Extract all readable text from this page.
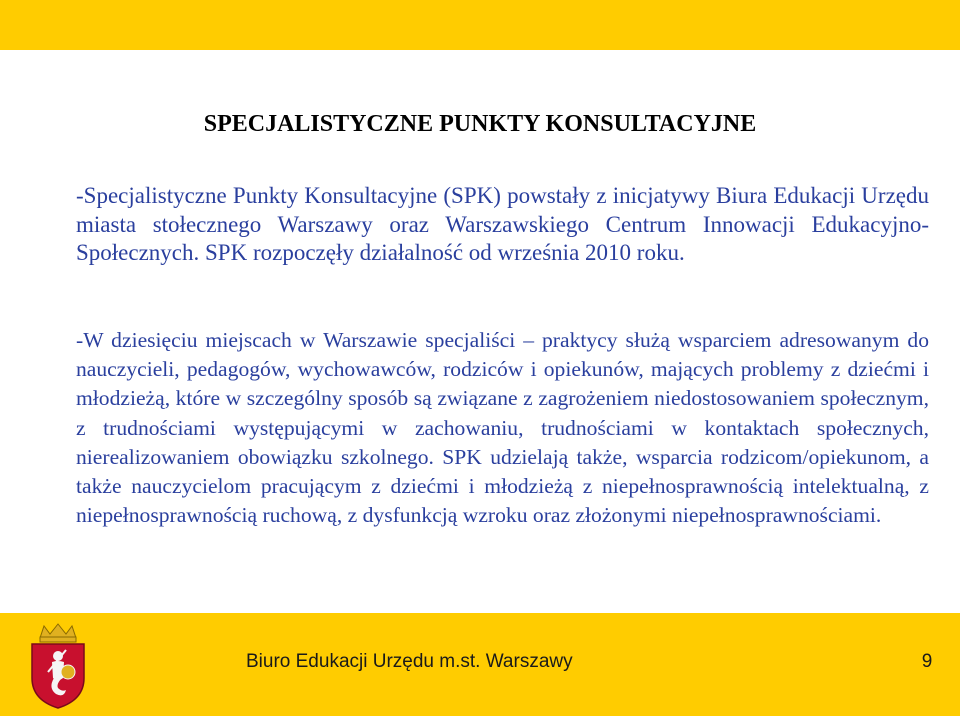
SPECJALISTYCZNE PUNKTY KONSULTACYJNE

-Specjalistyczne Punkty Konsultacyjne (SPK) powstały z inicjatywy Biura Edukacji Urzędu miasta stołecznego Warszawy oraz Warszawskiego Centrum Innowacji Edukacyjno-Społecznych. SPK rozpoczęły działalność od września 2010 roku.

-W dziesięciu miejscach w Warszawie specjaliści – praktycy służą wsparciem adresowanym do nauczycieli, pedagogów, wychowawców, rodziców i opiekunów, mających problemy z dziećmi i młodzieżą, które w szczególny sposób są związane z zagrożeniem niedostosowaniem społecznym, z trudnościami występującymi w zachowaniu, trudnościami w kontaktach społecznych, nierealizowaniem obowiązku szkolnego. SPK udzielają także, wsparcia rodzicom/opiekunom, a także nauczycielom pracującym z dziećmi i młodzieżą z niepełnosprawnością intelektualną, z niepełnosprawnością ruchową, z dysfunkcją wzroku oraz złożonymi niepełnosprawnościami.

Biuro Edukacji Urzędu m.st. Warszawy	9
